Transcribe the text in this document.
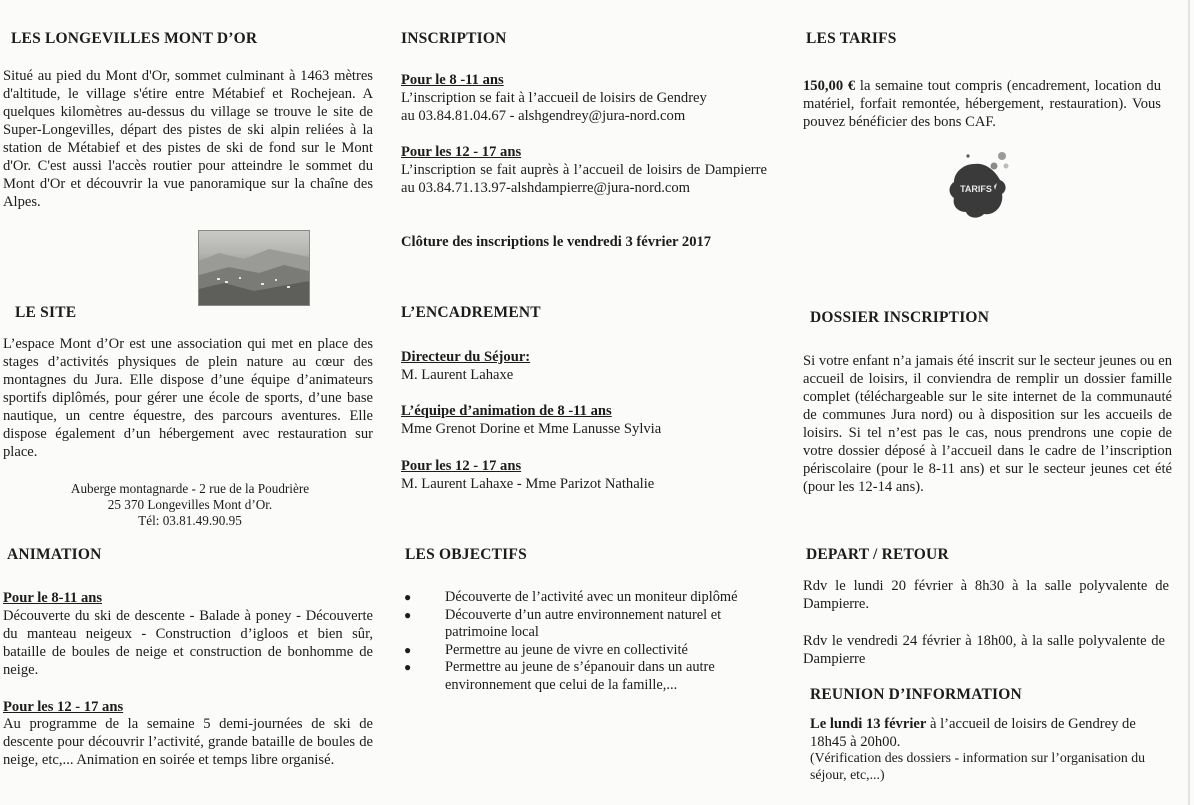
LES LONGEVILLES MONT D’OR

Situé au pied du Mont d'Or, sommet culminant à 1463 mètres d'altitude, le village s'étire entre Métabief et Rochejean. A quelques kilomètres au-dessus du village se trouve le site de Super-Longevilles, départ des pistes de ski alpin reliées à la station de Métabief et des pistes de ski de fond sur le Mont d'Or. C'est aussi l'accès routier pour atteindre le sommet du Mont d'Or et découvrir la vue panoramique sur la chaîne des Alpes.

LE SITE

L’espace Mont d’Or est une association qui met en place des stages d’activités physiques de plein nature au cœur des montagnes du Jura. Elle dispose d’une équipe d’animateurs sportifs diplômés, pour gérer une école de sports, d’une base nautique, un centre équestre, des parcours aventures. Elle dispose également d’un hébergement avec restauration sur place.

Auberge montagnarde - 2 rue de la Poudrière
25 370 Longevilles Mont d’Or.
Tél: 03.81.49.90.95
ANIMATION
Pour le 8-11 ans

Découverte du ski de descente - Balade à poney - Découverte du manteau neigeux - Construction d’igloos et bien sûr, bataille de boules de neige et construction de bonhomme de neige.

Pour les 12 - 17 ans

Au programme de la semaine 5 demi-journées de ski de descente pour découvrir l’activité, grande bataille de boules de neige, etc,... Animation en soirée et temps libre organisé.

INSCRIPTION
Pour le 8 -11 ans
L’inscription se fait à l’accueil de loisirs de Gendrey
au 03.84.81.04.67 - alshgendrey@jura-nord.com
Pour les 12 - 17 ans

L’inscription se fait auprès à l’accueil de loisirs de Dampierre au 03.84.71.13.97-alshdampierre@jura-nord.com

Clôture des inscriptions le vendredi 3 février 2017
L’ENCADREMENT
Directeur du Séjour:
M. Laurent Lahaxe
L’équipe d’animation de 8 -11 ans
Mme Grenot Dorine et Mme Lanusse Sylvia
Pour les 12 - 17 ans
M. Laurent Lahaxe - Mme Parizot Nathalie
LES OBJECTIFS
● Découverte de l’activité avec un moniteur diplômé
● Découverte d’un autre environnement naturel et patrimoine local
● Permettre au jeune de vivre en collectivité
● Permettre au jeune de s’épanouir dans un autre environnement que celui de la famille,...
LES TARIFS

150,00 € la semaine tout compris (encadrement, location du matériel, forfait remontée, hébergement, restauration). Vous pouvez bénéficier des bons CAF.

DOSSIER INSCRIPTION

Si votre enfant n’a jamais été inscrit sur le secteur jeunes ou en accueil de loisirs, il conviendra de remplir un dossier famille complet (téléchargeable sur le site internet de la communauté de communes Jura nord) ou à disposition sur les accueils de loisirs. Si tel n’est pas le cas, nous prendrons une copie de votre dossier déposé à l’accueil dans le cadre de l’inscription périscolaire (pour le 8-11 ans) et sur le secteur jeunes cet été (pour les 12-14 ans).

DEPART / RETOUR

Rdv le lundi 20 février à 8h30 à la salle polyvalente de Dampierre.

Rdv le vendredi 24 février à 18h00, à la salle polyvalente de Dampierre

REUNION D’INFORMATION

Le lundi 13 février à l’accueil de loisirs de Gendrey de 18h45 à 20h00.

(Vérification des dossiers - information sur l’organisation du séjour, etc,...)

TARIFS
